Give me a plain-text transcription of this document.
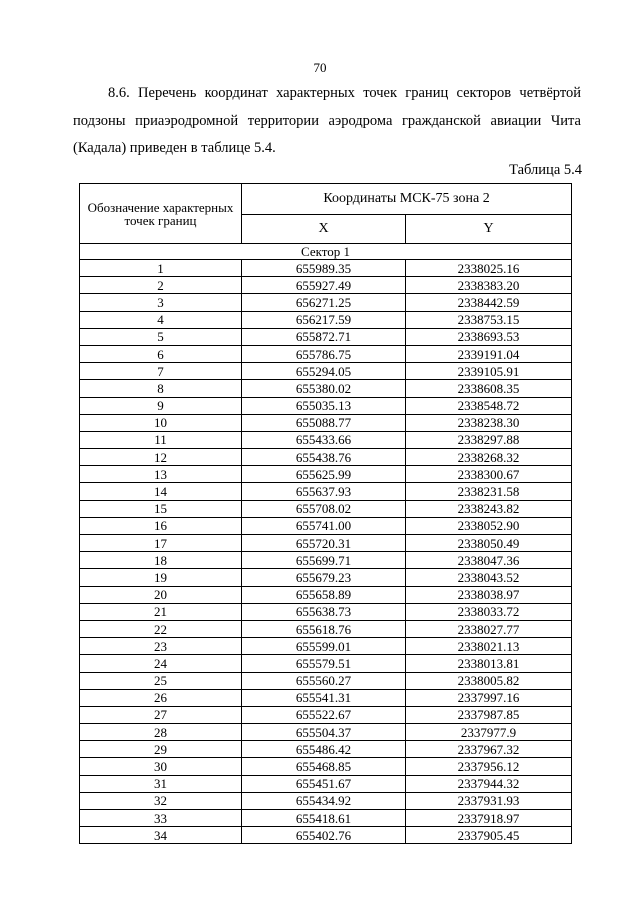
70
8.6. Перечень координат характерных точек границ секторов четвёртой
подзоны приаэродромной территории аэродрома гражданской авиации Чита
(Кадала) приведен в таблице 5.4.
Таблица 5.4
Обозначение характерных точек границ	Координаты МСК-75 зона 2	
	X	Y
Сектор 1		
1	655989.35	2338025.16
2	655927.49	2338383.20
3	656271.25	2338442.59
4	656217.59	2338753.15
5	655872.71	2338693.53
6	655786.75	2339191.04
7	655294.05	2339105.91
8	655380.02	2338608.35
9	655035.13	2338548.72
10	655088.77	2338238.30
11	655433.66	2338297.88
12	655438.76	2338268.32
13	655625.99	2338300.67
14	655637.93	2338231.58
15	655708.02	2338243.82
16	655741.00	2338052.90
17	655720.31	2338050.49
18	655699.71	2338047.36
19	655679.23	2338043.52
20	655658.89	2338038.97
21	655638.73	2338033.72
22	655618.76	2338027.77
23	655599.01	2338021.13
24	655579.51	2338013.81
25	655560.27	2338005.82
26	655541.31	2337997.16
27	655522.67	2337987.85
28	655504.37	2337977.9
29	655486.42	2337967.32
30	655468.85	2337956.12
31	655451.67	2337944.32
32	655434.92	2337931.93
33	655418.61	2337918.97
34	655402.76	2337905.45
